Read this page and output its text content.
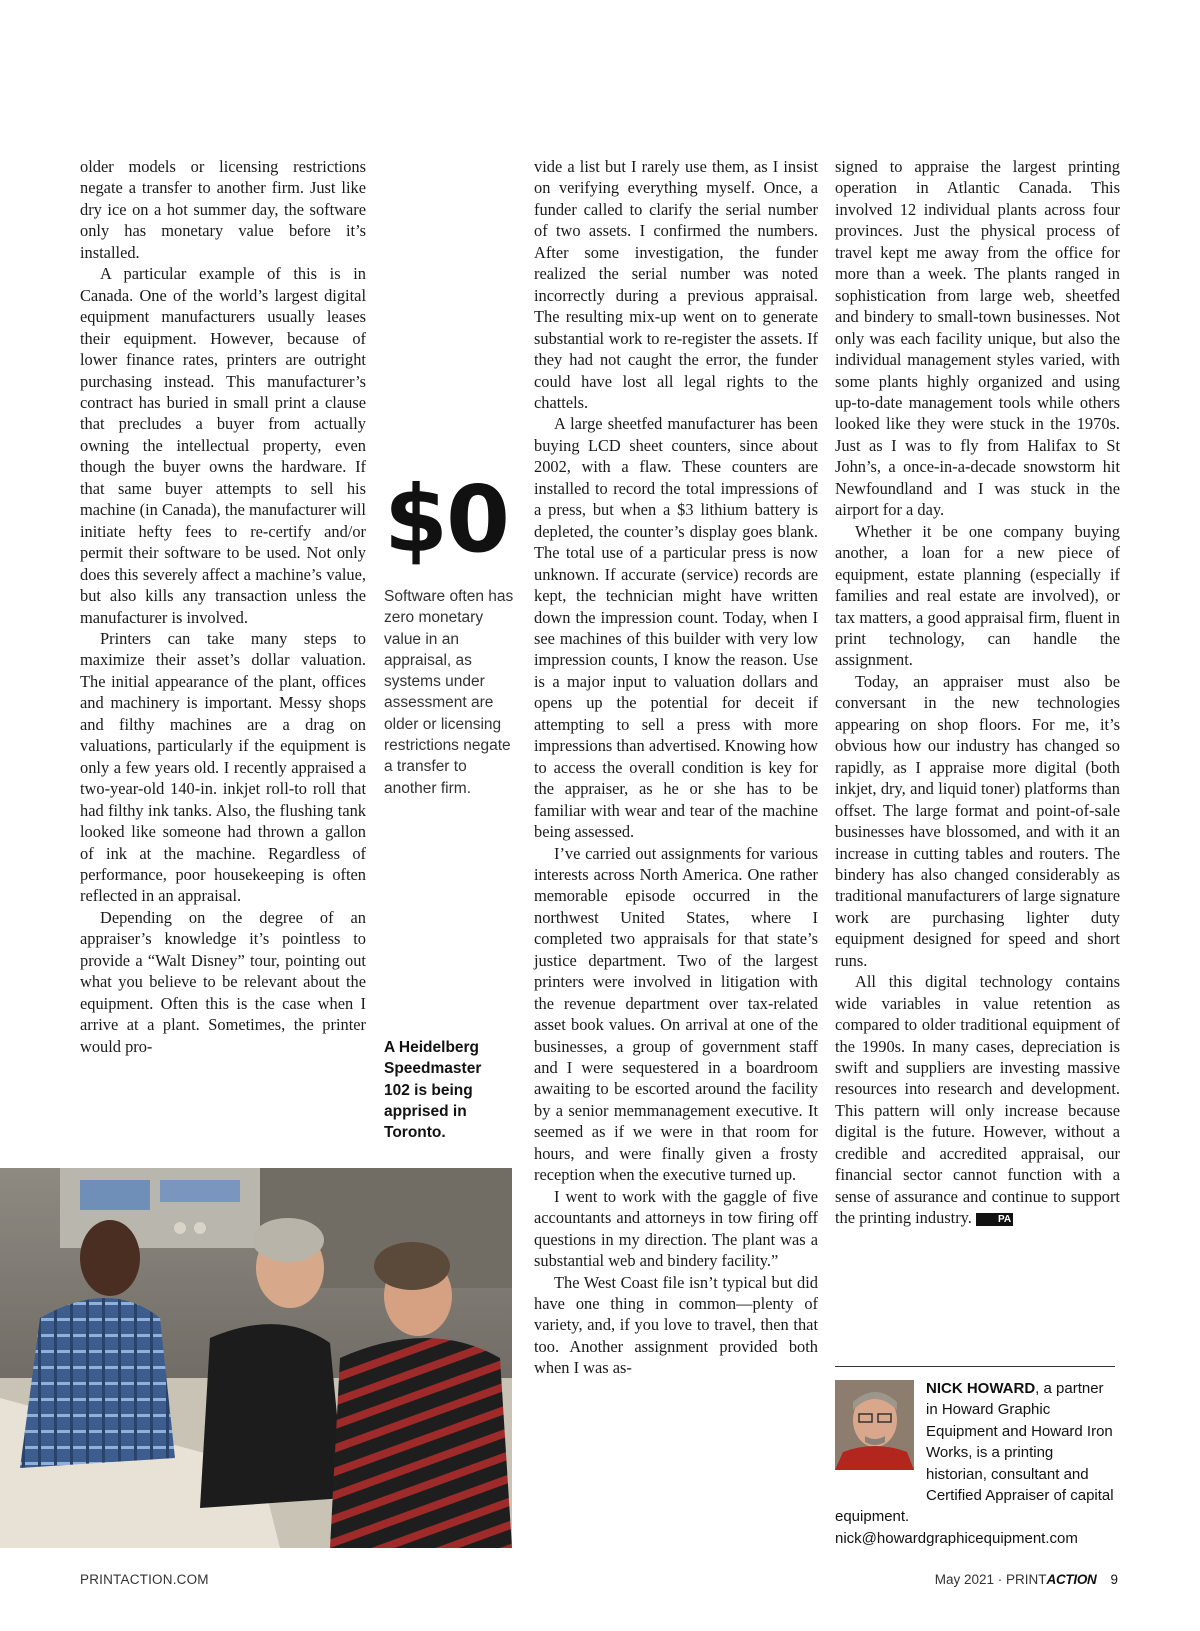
older models or licensing restrictions negate a transfer to another firm. Just like dry ice on a hot summer day, the software only has monetary value before it’s installed.

A particular example of this is in Canada. One of the world’s largest digital equipment manufacturers usually leases their equipment. However, because of lower finance rates, printers are outright purchasing instead. This manufacturer’s contract has buried in small print a clause that precludes a buyer from actually owning the intellectual property, even though the buyer owns the hardware. If that same buyer attempts to sell his machine (in Canada), the manufacturer will initiate hefty fees to re-certify and/or permit their software to be used. Not only does this severely affect a machine’s value, but also kills any transaction unless the manufacturer is involved.

Printers can take many steps to maximize their asset’s dollar valuation. The initial appearance of the plant, offices and machinery is important. Messy shops and filthy machines are a drag on valuations, particularly if the equipment is only a few years old. I recently appraised a two-year-old 140-in. inkjet roll-to roll that had filthy ink tanks. Also, the flushing tank looked like someone had thrown a gallon of ink at the machine. Regardless of performance, poor housekeeping is often reflected in an appraisal.

Depending on the degree of an appraiser’s knowledge it’s pointless to provide a “Walt Disney” tour, pointing out what you believe to be relevant about the equipment. Often this is the case when I arrive at a plant. Sometimes, the printer would pro-

$0
Software often has zero monetary value in an appraisal, as systems under assessment are older or licensing restrictions negate a transfer to another firm.
A Heidelberg Speedmaster 102 is being apprised in Toronto.

vide a list but I rarely use them, as I insist on verifying everything myself. Once, a funder called to clarify the serial number of two assets. I confirmed the numbers. After some investigation, the funder realized the serial number was noted incorrectly during a previous appraisal. The resulting mix-up went on to generate substantial work to re-register the assets. If they had not caught the error, the funder could have lost all legal rights to the chattels.

A large sheetfed manufacturer has been buying LCD sheet counters, since about 2002, with a flaw. These counters are installed to record the total impressions of a press, but when a $3 lithium battery is depleted, the counter’s display goes blank. The total use of a particular press is now unknown. If accurate (service) records are kept, the technician might have written down the impression count. Today, when I see machines of this builder with very low impression counts, I know the reason. Use is a major input to valuation dollars and opens up the potential for deceit if attempting to sell a press with more impressions than advertised. Knowing how to access the overall condition is key for the appraiser, as he or she has to be familiar with wear and tear of the machine being assessed.

I’ve carried out assignments for various interests across North America. One rather memorable episode occurred in the northwest United States, where I completed two appraisals for that state’s justice department. Two of the largest printers were involved in litigation with the revenue department over tax-related asset book values. On arrival at one of the businesses, a group of government staff and I were sequestered in a boardroom awaiting to be escorted around the facility by a senior memmanagement executive. It seemed as if we were in that room for hours, and were finally given a frosty reception when the executive turned up.

I went to work with the gaggle of five accountants and attorneys in tow firing off questions in my direction. The plant was a substantial web and bindery facility.”

The West Coast file isn’t typical but did have one thing in common—plenty of variety, and, if you love to travel, then that too. Another assignment provided both when I was as-

signed to appraise the largest printing operation in Atlantic Canada. This involved 12 individual plants across four provinces. Just the physical process of travel kept me away from the office for more than a week. The plants ranged in sophistication from large web, sheetfed and bindery to small-town businesses. Not only was each facility unique, but also the individual management styles varied, with some plants highly organized and using up-to-date management tools while others looked like they were stuck in the 1970s. Just as I was to fly from Halifax to St John’s, a once-in-a-decade snowstorm hit Newfoundland and I was stuck in the airport for a day.

Whether it be one company buying another, a loan for a new piece of equipment, estate planning (especially if families and real estate are involved), or tax matters, a good appraisal firm, fluent in print technology, can handle the assignment.

Today, an appraiser must also be conversant in the new technologies appearing on shop floors. For me, it’s obvious how our industry has changed so rapidly, as I appraise more digital (both inkjet, dry, and liquid toner) platforms than offset. The large format and point-of-sale businesses have blossomed, and with it an increase in cutting tables and routers. The bindery has also changed considerably as traditional manufacturers of large signature work are purchasing lighter duty equipment designed for speed and short runs.

All this digital technology contains wide variables in value retention as compared to older traditional equipment of the 1990s. In many cases, depreciation is swift and suppliers are investing massive resources into research and development. This pattern will only increase because digital is the future. However, without a credible and accredited appraisal, our financial sector cannot function with a sense of assurance and continue to support the printing industry.	PA

NICK HOWARD, a partner in Howard Graphic Equipment and Howard Iron Works, is a printing historian, consultant and Certified Appraiser of capital equipment.
nick@howardgraphicequipment.com
PRINTACTION.COM	May 2021 · PRINTACTION 9
